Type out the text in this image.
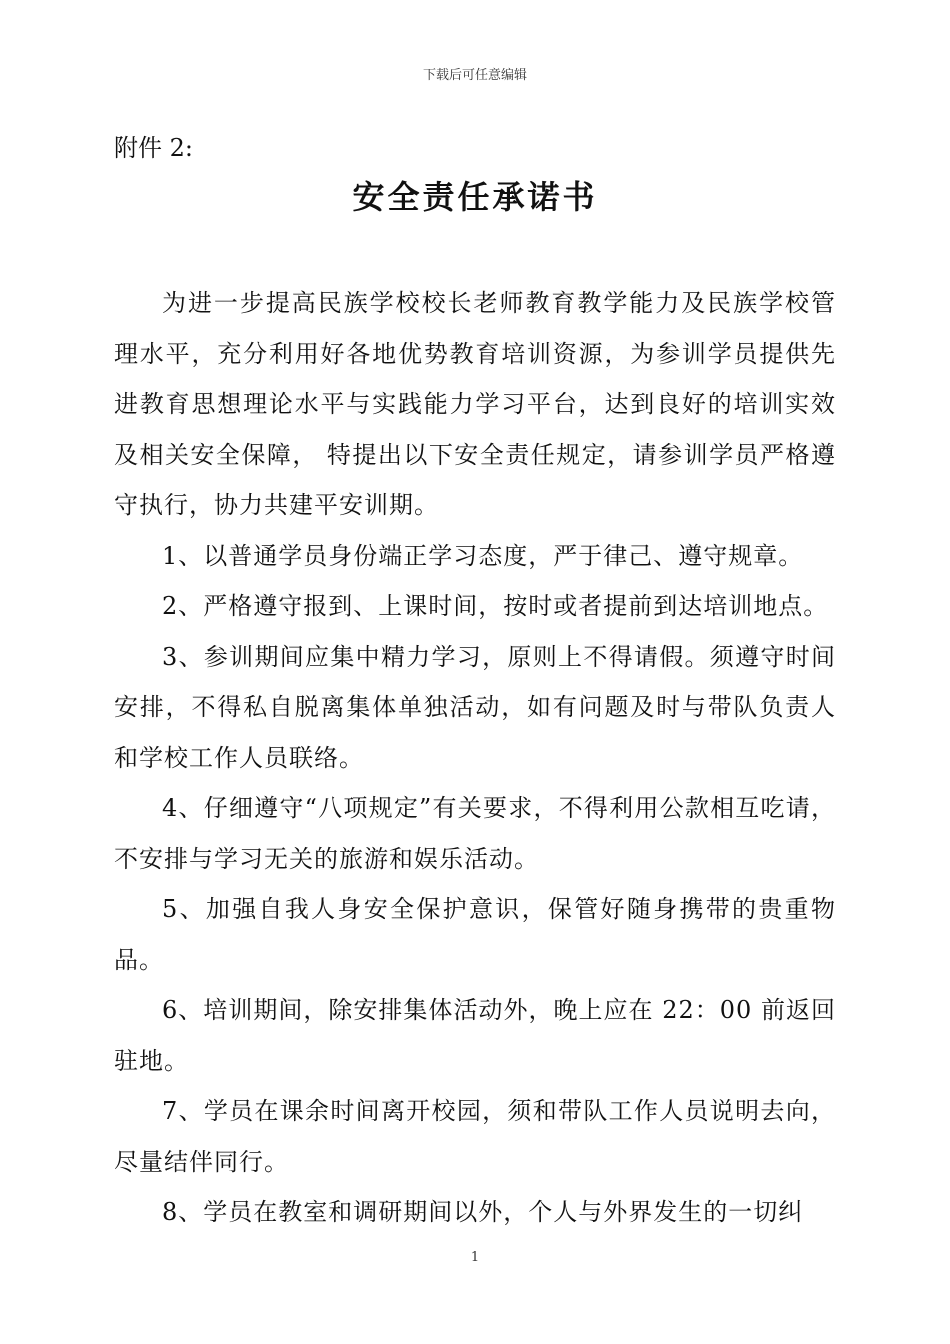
下载后可任意编辑
附件 2:
安全责任承诺书

为进一步提高民族学校校长老师教育教学能力及民族学校管理水平，充分利用好各地优势教育培训资源，为参训学员提供先进教育思想理论水平与实践能力学习平台，达到良好的培训实效及相关安全保障， 特提出以下安全责任规定，请参训学员严格遵守执行，协力共建平安训期。

1、以普通学员身份端正学习态度，严于律己、遵守规章。

2、严格遵守报到、上课时间，按时或者提前到达培训地点。

3、参训期间应集中精力学习，原则上不得请假。须遵守时间安排，不得私自脱离集体单独活动，如有问题及时与带队负责人和学校工作人员联络。

4、仔细遵守“八项规定”有关要求，不得利用公款相互吃请，不安排与学习无关的旅游和娱乐活动。

5、加强自我人身安全保护意识，保管好随身携带的贵重物品。

6、培训期间，除安排集体活动外，晚上应在 22：00 前返回驻地。

7、学员在课余时间离开校园，须和带队工作人员说明去向，尽量结伴同行。

8、学员在教室和调研期间以外，个人与外界发生的一切纠

1
